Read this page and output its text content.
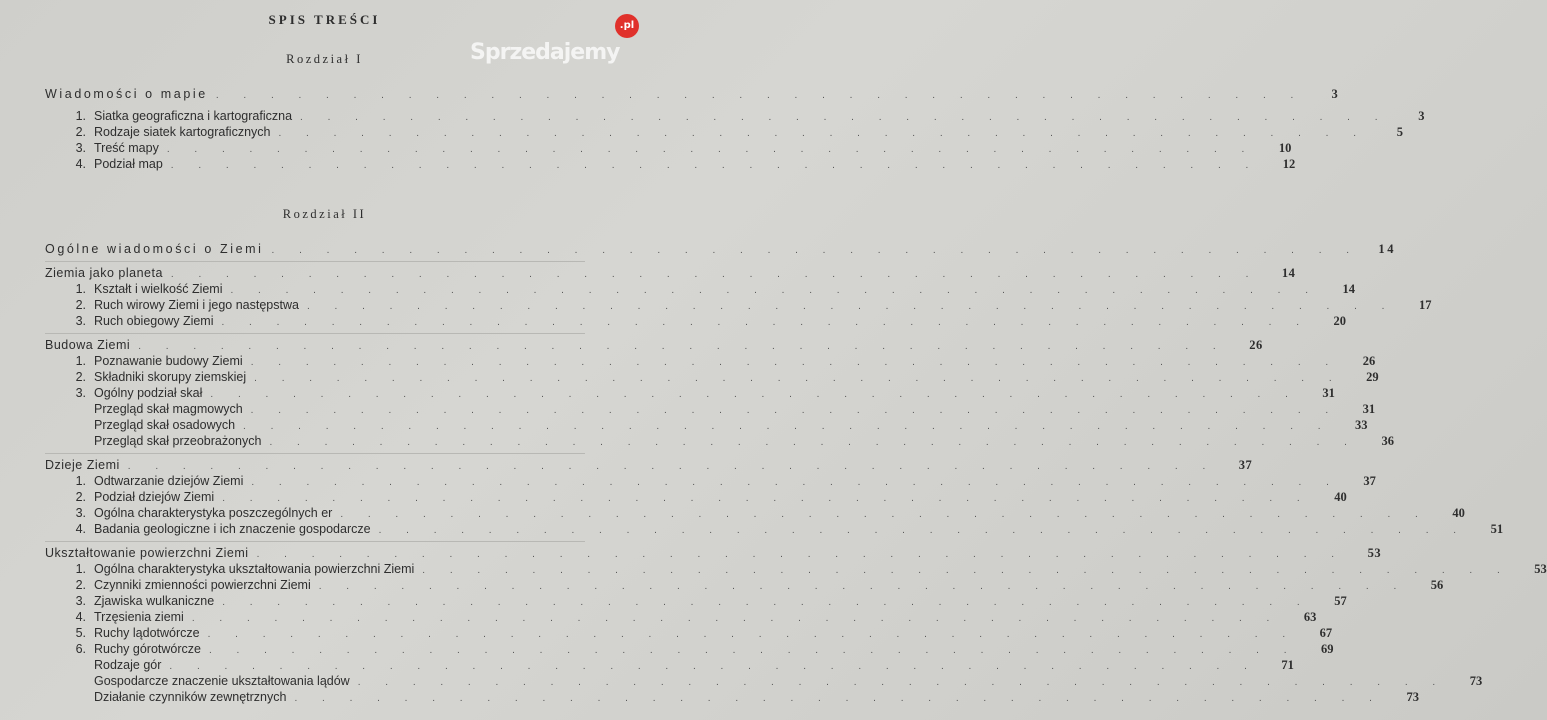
SPIS TREŚCI
Rozdział I
Wiadomości o mapie . . . . . . . . . . . . . . . . . . . . . . . . . . . . . . . . . . . . . . . .	3
1. Siatka geograficzna i kartograficzna . . . . . . . . . . . . . . . . . . . . . . . . . . . . . . . . . . . . . . . .	3
2. Rodzaje siatek kartograficznych . . . . . . . . . . . . . . . . . . . . . . . . . . . . . . . . . . . . . . . .	5
3. Treść mapy . . . . . . . . . . . . . . . . . . . . . . . . . . . . . . . . . . . . . . . .	10
4. Podział map . . . . . . . . . . . . . . . . . . . . . . . . . . . . . . . . . . . . . . . .	12
Rozdział II
Ogólne wiadomości o Ziemi . . . . . . . . . . . . . . . . . . . . . . . . . . . . . . . . . . . . . . . .	14
Ziemia jako planeta . . . . . . . . . . . . . . . . . . . . . . . . . . . . . . . . . . . . . . . .	14
1. Kształt i wielkość Ziemi . . . . . . . . . . . . . . . . . . . . . . . . . . . . . . . . . . . . . . . .	14
2. Ruch wirowy Ziemi i jego następstwa . . . . . . . . . . . . . . . . . . . . . . . . . . . . . . . . . . . . . . . .	17
3. Ruch obiegowy Ziemi . . . . . . . . . . . . . . . . . . . . . . . . . . . . . . . . . . . . . . . .	20
Budowa Ziemi . . . . . . . . . . . . . . . . . . . . . . . . . . . . . . . . . . . . . . . .	26
1. Poznawanie budowy Ziemi . . . . . . . . . . . . . . . . . . . . . . . . . . . . . . . . . . . . . . . .	26
2. Składniki skorupy ziemskiej . . . . . . . . . . . . . . . . . . . . . . . . . . . . . . . . . . . . . . . .	29
3. Ogólny podział skał . . . . . . . . . . . . . . . . . . . . . . . . . . . . . . . . . . . . . . . .	31
Przegląd skał magmowych . . . . . . . . . . . . . . . . . . . . . . . . . . . . . . . . . . . . . . . .	31
Przegląd skał osadowych . . . . . . . . . . . . . . . . . . . . . . . . . . . . . . . . . . . . . . . .	33
Przegląd skał przeobrażonych . . . . . . . . . . . . . . . . . . . . . . . . . . . . . . . . . . . . . . . .	36
Dzieje Ziemi . . . . . . . . . . . . . . . . . . . . . . . . . . . . . . . . . . . . . . . .	37
1. Odtwarzanie dziejów Ziemi . . . . . . . . . . . . . . . . . . . . . . . . . . . . . . . . . . . . . . . .	37
2. Podział dziejów Ziemi . . . . . . . . . . . . . . . . . . . . . . . . . . . . . . . . . . . . . . . .	40
3. Ogólna charakterystyka poszczególnych er . . . . . . . . . . . . . . . . . . . . . . . . . . . . . . . . . . . . . . . .	40
4. Badania geologiczne i ich znaczenie gospodarcze . . . . . . . . . . . . . . . . . . . . . . . . . . . . . . . . . . . . . . . .	51
Ukształtowanie powierzchni Ziemi . . . . . . . . . . . . . . . . . . . . . . . . . . . . . . . . . . . . . . . .	53
1. Ogólna charakterystyka ukształtowania powierzchni Ziemi . . . . . . . . . . . . . . . . . . . . . . . . . . . . . . . . . . . . . . . .	53
2. Czynniki zmienności powierzchni Ziemi . . . . . . . . . . . . . . . . . . . . . . . . . . . . . . . . . . . . . . . .	56
3. Zjawiska wulkaniczne . . . . . . . . . . . . . . . . . . . . . . . . . . . . . . . . . . . . . . . .	57
4. Trzęsienia ziemi . . . . . . . . . . . . . . . . . . . . . . . . . . . . . . . . . . . . . . . .	63
5. Ruchy lądotwórcze . . . . . . . . . . . . . . . . . . . . . . . . . . . . . . . . . . . . . . . .	67
6. Ruchy górotwórcze . . . . . . . . . . . . . . . . . . . . . . . . . . . . . . . . . . . . . . . .	69
Rodzaje gór . . . . . . . . . . . . . . . . . . . . . . . . . . . . . . . . . . . . . . . .	71
Gospodarcze znaczenie ukształtowania lądów . . . . . . . . . . . . . . . . . . . . . . . . . . . . . . . . . . . . . . . .	73
Działanie czynników zewnętrznych . . . . . . . . . . . . . . . . . . . . . . . . . . . . . . . . . . . . . . . .	73
Sprzedajemy
.pl
